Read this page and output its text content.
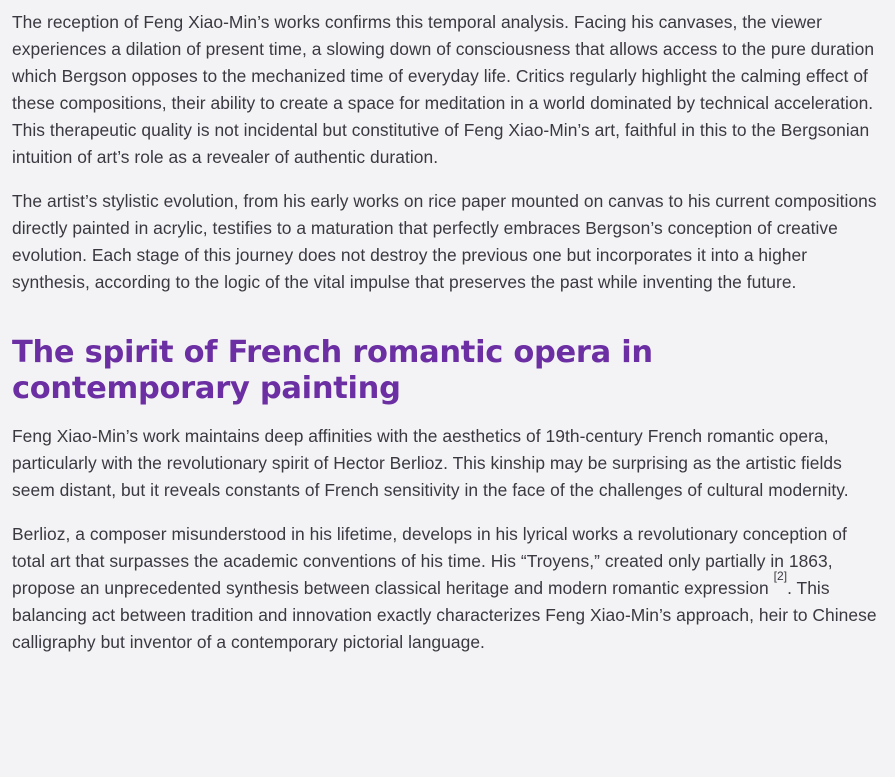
The reception of Feng Xiao-Min’s works confirms this temporal analysis. Facing his canvases, the viewer experiences a dilation of present time, a slowing down of consciousness that allows access to the pure duration which Bergson opposes to the mechanized time of everyday life. Critics regularly highlight the calming effect of these compositions, their ability to create a space for meditation in a world dominated by technical acceleration. This therapeutic quality is not incidental but constitutive of Feng Xiao-Min’s art, faithful in this to the Bergsonian intuition of art’s role as a revealer of authentic duration.

The artist’s stylistic evolution, from his early works on rice paper mounted on canvas to his current compositions directly painted in acrylic, testifies to a maturation that perfectly embraces Bergson’s conception of creative evolution. Each stage of this journey does not destroy the previous one but incorporates it into a higher synthesis, according to the logic of the vital impulse that preserves the past while inventing the future.

The spirit of French romantic opera in contemporary painting

Feng Xiao-Min’s work maintains deep affinities with the aesthetics of 19th-century French romantic opera, particularly with the revolutionary spirit of Hector Berlioz. This kinship may be surprising as the artistic fields seem distant, but it reveals constants of French sensitivity in the face of the challenges of cultural modernity.

Berlioz, a composer misunderstood in his lifetime, develops in his lyrical works a revolutionary conception of total art that surpasses the academic conventions of his time. His “Troyens,” created only partially in 1863, propose an unprecedented synthesis between classical heritage and modern romantic expression [2]. This balancing act between tradition and innovation exactly characterizes Feng Xiao-Min’s approach, heir to Chinese calligraphy but inventor of a contemporary pictorial language.
